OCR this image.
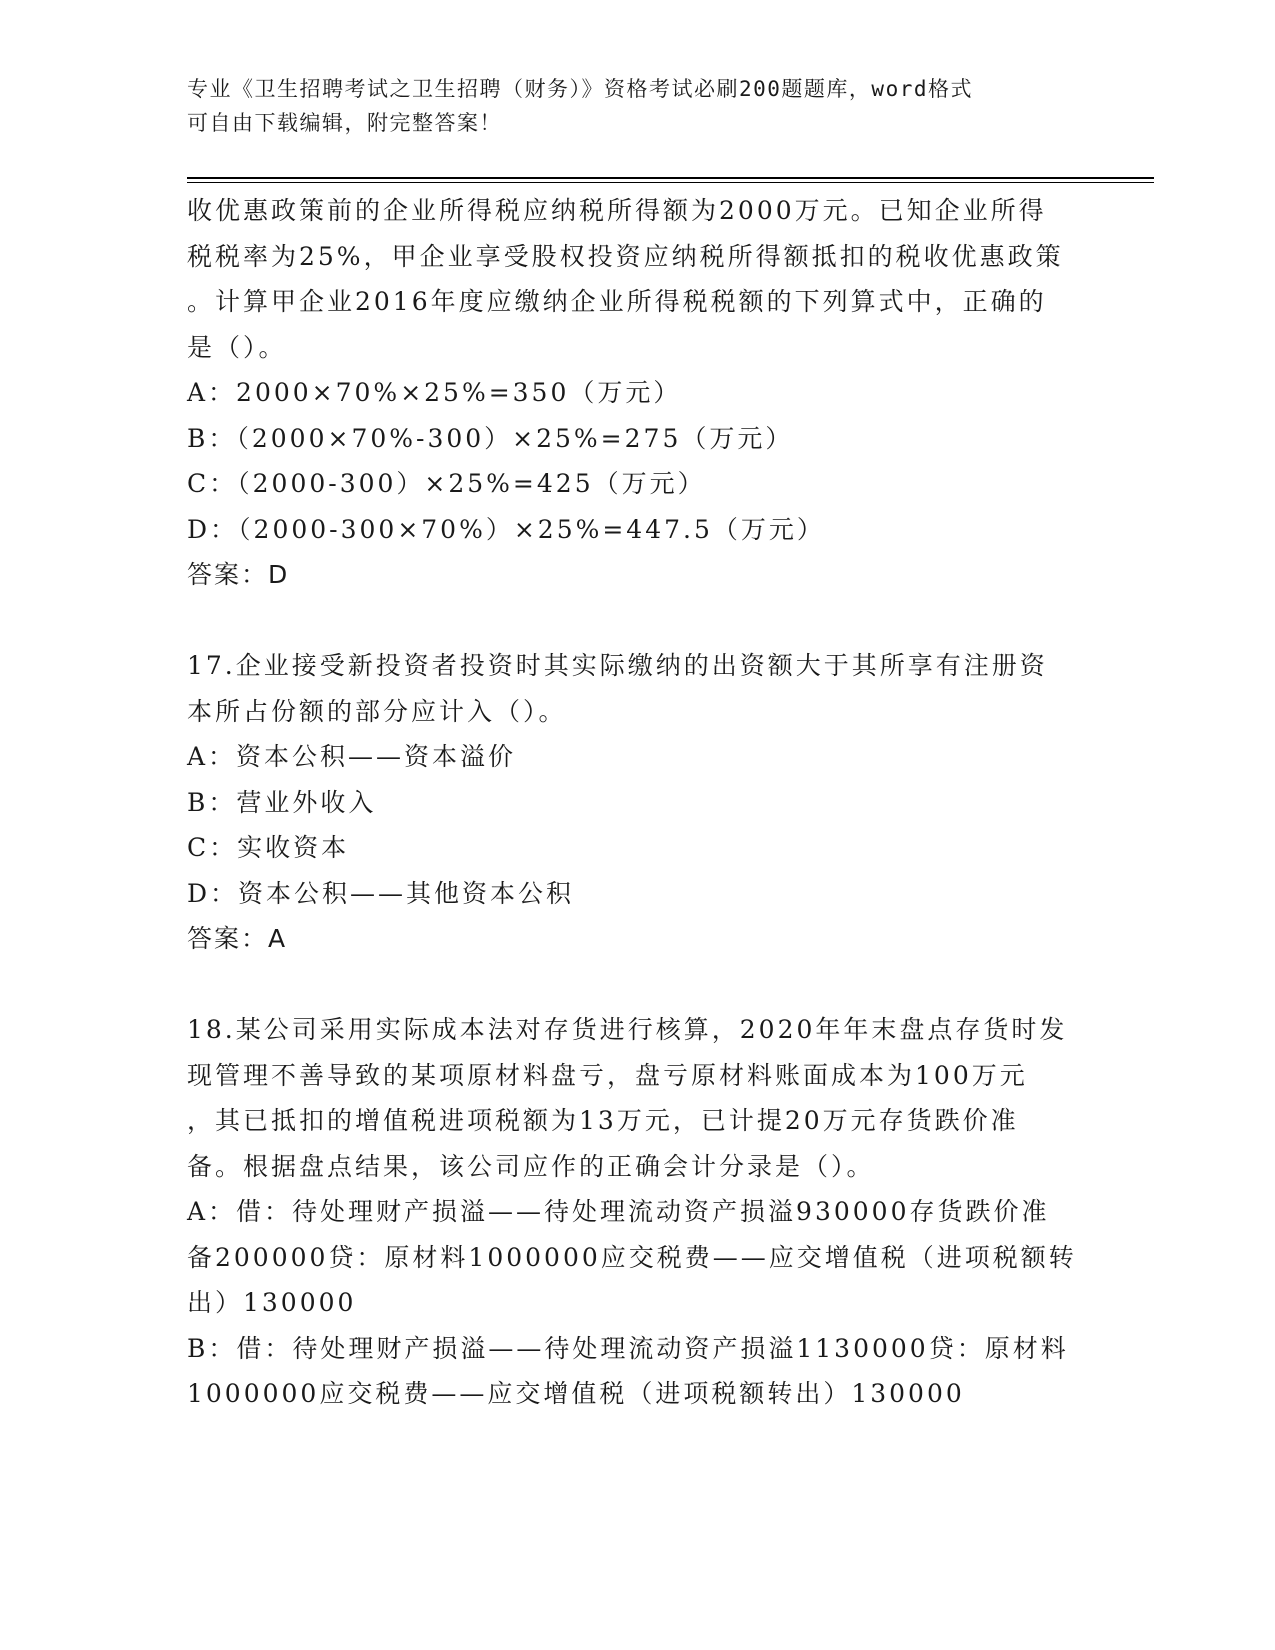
专业《卫生招聘考试之卫生招聘（财务）》资格考试必刷200题题库，word格式
可自由下载编辑，附完整答案！
收优惠政策前的企业所得税应纳税所得额为2000万元。已知企业所得
税税率为25%，甲企业享受股权投资应纳税所得额抵扣的税收优惠政策
。计算甲企业2016年度应缴纳企业所得税税额的下列算式中，正确的
是（）。
A：2000×70%×25%=350（万元）
B：（2000×70%-300）×25%=275（万元）
C：（2000-300）×25%=425（万元）
D：（2000-300×70%）×25%=447.5（万元）
答案：D
17.企业接受新投资者投资时其实际缴纳的出资额大于其所享有注册资
本所占份额的部分应计入（）。
A：资本公积——资本溢价
B：营业外收入
C：实收资本
D：资本公积——其他资本公积
答案：A
18.某公司采用实际成本法对存货进行核算，2020年年末盘点存货时发
现管理不善导致的某项原材料盘亏，盘亏原材料账面成本为100万元
，其已抵扣的增值税进项税额为13万元，已计提20万元存货跌价准
备。根据盘点结果，该公司应作的正确会计分录是（）。
A：借：待处理财产损溢——待处理流动资产损溢930000存货跌价准
备200000贷：原材料1000000应交税费——应交增值税（进项税额转
出）130000
B：借：待处理财产损溢——待处理流动资产损溢1130000贷：原材料
1000000应交税费——应交增值税（进项税额转出）130000
